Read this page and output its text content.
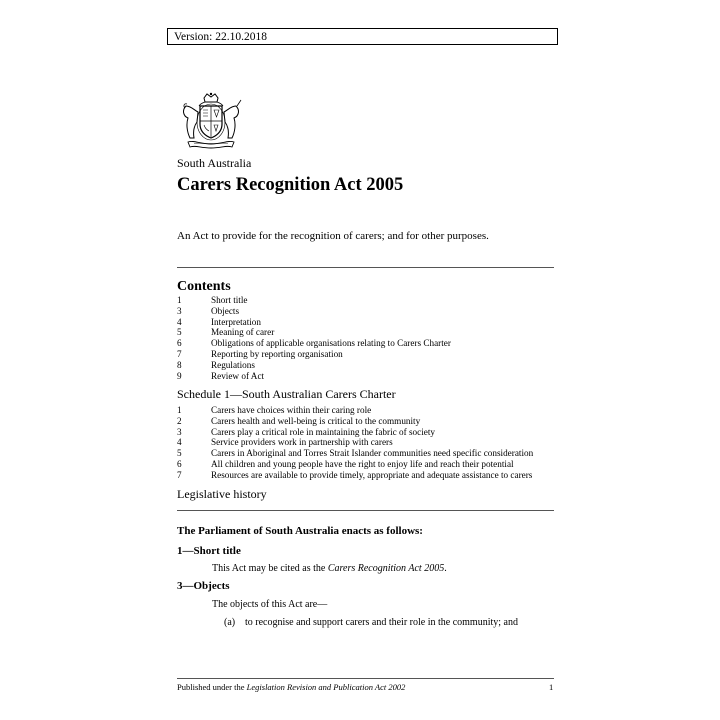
Version: 22.10.2018
South Australia
Carers Recognition Act 2005
An Act to provide for the recognition of carers; and for other purposes.
Contents
1	Short title
3	Objects
4	Interpretation
5	Meaning of carer
6	Obligations of applicable organisations relating to Carers Charter
7	Reporting by reporting organisation
8	Regulations
9	Review of Act
Schedule 1—South Australian Carers Charter
1	Carers have choices within their caring role
2	Carers health and well-being is critical to the community
3	Carers play a critical role in maintaining the fabric of society
4	Service providers work in partnership with carers
5	Carers in Aboriginal and Torres Strait Islander communities need specific consideration
6	All children and young people have the right to enjoy life and reach their potential
7	Resources are available to provide timely, appropriate and adequate assistance to carers
Legislative history
The Parliament of South Australia enacts as follows:
1—Short title
This Act may be cited as the Carers Recognition Act 2005.
3—Objects
The objects of this Act are—
(a) to recognise and support carers and their role in the community; and
Published under the Legislation Revision and Publication Act 2002	1
